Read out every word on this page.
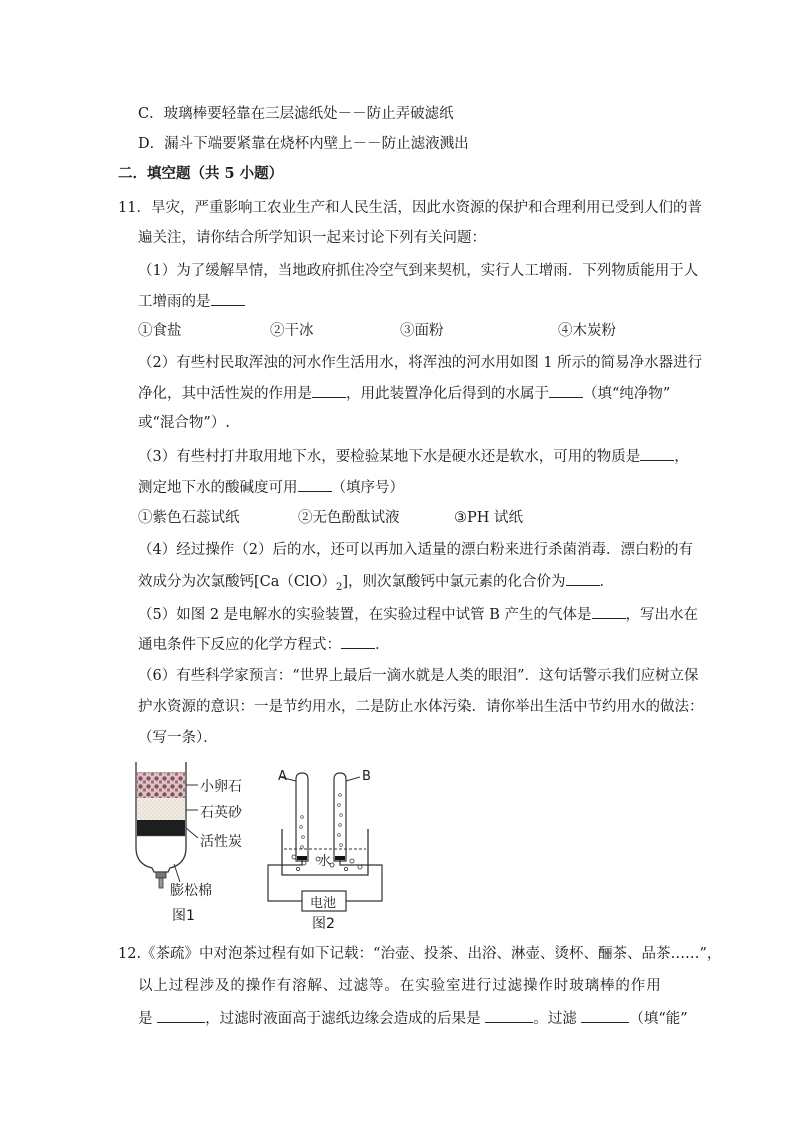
C．玻璃棒要轻靠在三层滤纸处－－防止弄破滤纸
D．漏斗下端要紧靠在烧杯内壁上－－防止滤液溅出
二．填空题（共 5 小题）
11．旱灾，严重影响工农业生产和人民生活，因此水资源的保护和合理利用已受到人们的普
遍关注，请你结合所学知识一起来讨论下列有关问题：
（1）为了缓解旱情，当地政府抓住冷空气到来契机，实行人工增雨．下列物质能用于人
工增雨的是
①食盐	②干冰	③面粉	④木炭粉
（2）有些村民取浑浊的河水作生活用水，将浑浊的河水用如图 1 所示的简易净水器进行
净化，其中活性炭的作用是 ，用此装置净化后得到的水属于 （填“纯净物”
或“混合物”）.
（3）有些村打井取用地下水，要检验某地下水是硬水还是软水，可用的物质是 ，
测定地下水的酸碱度可用 （填序号）
①紫色石蕊试纸	②无色酚酞试液	③PH 试纸
（4）经过操作（2）后的水，还可以再加入适量的漂白粉来进行杀菌消毒．漂白粉的有
效成分为次氯酸钙$[Ca(ClO)_2]$，则次氯酸钙中氯元素的化合价为 ．
（5）如图 2 是电解水的实验装置，在实验过程中试管 B 产生的气体是 ，写出水在
通电条件下反应的化学方程式： ．
（6）有些科学家预言：“世界上最后一滴水就是人类的眼泪”．这句话警示我们应树立保
护水资源的意识：一是节约用水，二是防止水体污染．请你举出生活中节约用水的做法：
（写一条）．
小卵石
石英砂
活性炭
膨松棉
图1
A	B
水
电池
图2
12.《茶疏》中对泡茶过程有如下记载：“治壶、投茶、出浴、淋壶、烫杯、酾茶、品茶……”，
以上过程涉及的操作有溶解、过滤等。在实验室进行过滤操作时玻璃棒的作用
是	，过滤时液面高于滤纸边缘会造成的后果是	。过滤	（填“能”
